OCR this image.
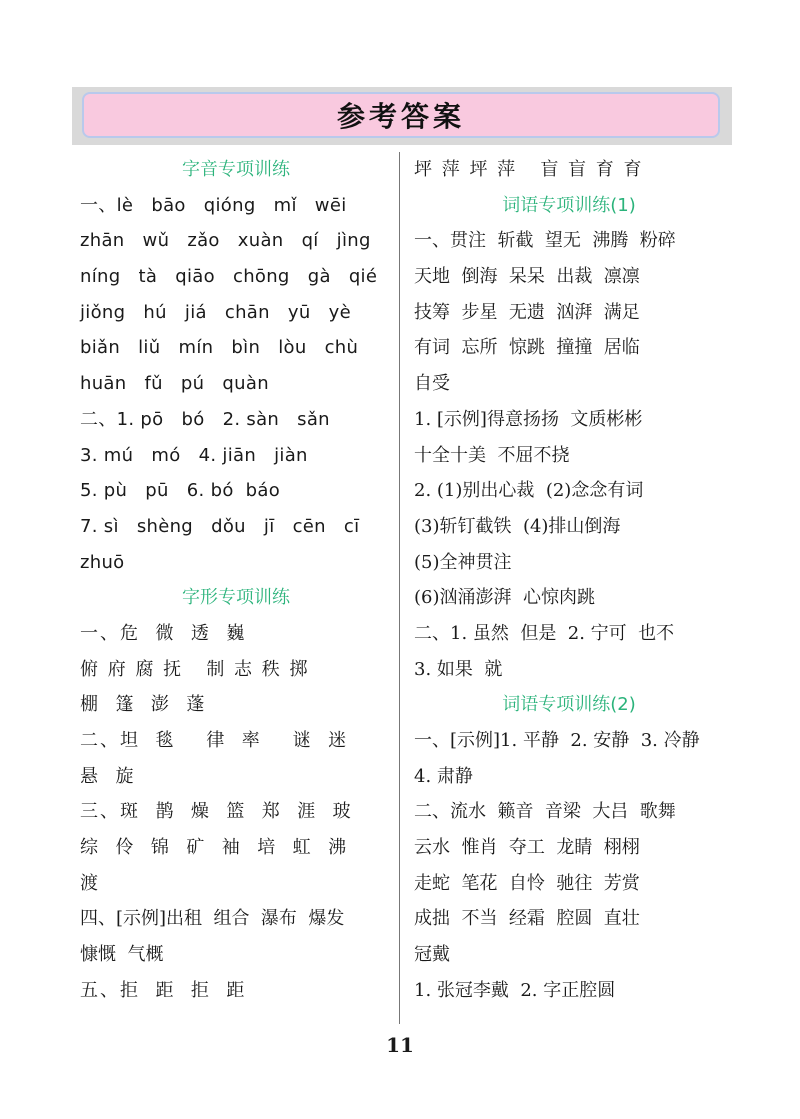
参考答案
字音专项训练
一、lè   bāo   qióng   mǐ   wēi
zhān   wǔ   zǎo   xuàn   qí   jìng
níng   tà   qiāo   chōng   gà   qié
jiǒng   hú   jiá   chān   yū   yè
biǎn   liǔ   mín   bìn   lòu   chù
huān   fǔ   pú   quàn
二、1. pō   bó   2. sàn   sǎn
3. mú   mó   4. jiān   jiàn
5. pù   pū   6. bó  báo
7. sì   shèng   dǒu   jī   cēn   cī
zhuō
字形专项训练
一、危  微  透  巍
俯 府 腐 抚   制 志 秩 掷
棚  篷  澎  蓬
二、坦  毯    律  率    谜  迷
悬  旋
三、斑  鹊  燥  篮  郑  涯  玻
综  伶  锦  矿  袖  培  虹  沸
渡
四、[示例]出租  组合  瀑布  爆发
慷慨  气概
五、拒  距  拒  距
坪 萍 坪 萍   盲 盲 育 育
词语专项训练(1)
一、贯注  斩截  望无  沸腾  粉碎
天地  倒海  呆呆  出裁  凛凛
技筹  步星  无遗  汹湃  满足
有词  忘所  惊跳  撞撞  居临
自受
1. [示例]得意扬扬  文质彬彬
十全十美  不屈不挠
2. (1)别出心裁  (2)念念有词
(3)斩钉截铁  (4)排山倒海
(5)全神贯注
(6)汹涌澎湃  心惊肉跳
二、1. 虽然  但是  2. 宁可  也不
3. 如果  就
词语专项训练(2)
一、[示例]1. 平静  2. 安静  3. 冷静
4. 肃静
二、流水  籁音  音梁  大吕  歌舞
云水  惟肖  夺工  龙睛  栩栩
走蛇  笔花  自怜  驰往  芳赏
成拙  不当  经霜  腔圆  直壮
冠戴
1. 张冠李戴  2. 字正腔圆
11
